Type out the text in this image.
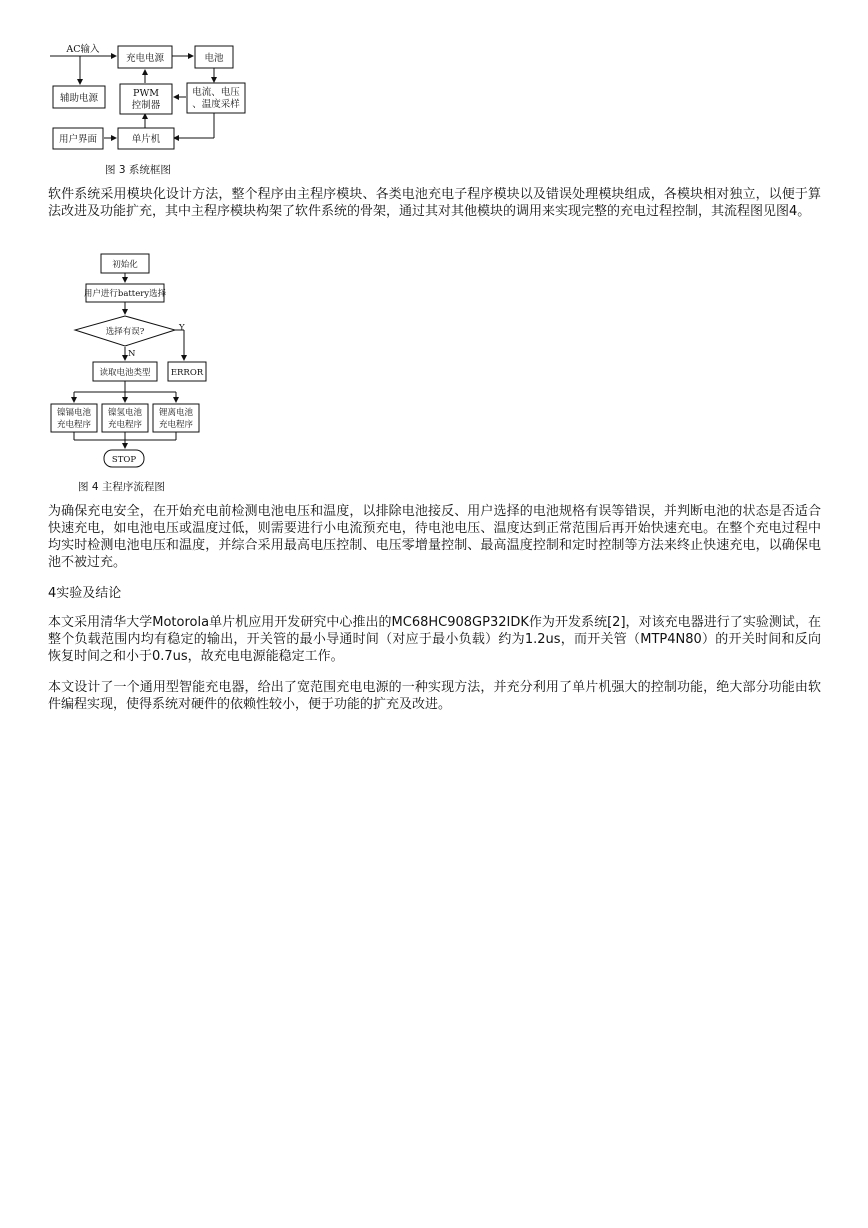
AC输入
充电电源	电池
辅助电源	PWM
控制器
电流、电压
、温度采样
用户界面	单片机
图 3 系统框图

软件系统采用模块化设计方法，整个程序由主程序模块、各类电池充电子程序模块以及错误处理模块组成，各模块相对独立，以便于算法改进及功能扩充，其中主程序模块构架了软件系统的骨架，通过其对其他模块的调用来实现完整的充电过程控制，其流程图见图4。

初始化
用户进行battery选择
选择有误?	Y
N
读取电池类型 ERROR
镍镉电池
充电程序
镍氢电池
充电程序
锂离电池
充电程序
STOP
图 4 主程序流程图

为确保充电安全，在开始充电前检测电池电压和温度，以排除电池接反、用户选择的电池规格有误等错误，并判断电池的状态是否适合快速充电，如电池电压或温度过低，则需要进行小电流预充电，待电池电压、温度达到正常范围后再开始快速充电。在整个充电过程中均实时检测电池电压和温度，并综合采用最高电压控制、电压零增量控制、最高温度控制和定时控制等方法来终止快速充电，以确保电池不被过充。

4实验及结论

本文采用清华大学Motorola单片机应用开发研究中心推出的MC68HC908GP32IDK作为开发系统[2]，对该充电器进行了实验测试，在整个负载范围内均有稳定的输出，开关管的最小导通时间（对应于最小负载）约为1.2us，而开关管（MTP4N80）的开关时间和反向恢复时间之和小于0.7us，故充电电源能稳定工作。

本文设计了一个通用型智能充电器，给出了宽范围充电电源的一种实现方法，并充分利用了单片机强大的控制功能，绝大部分功能由软件编程实现，使得系统对硬件的依赖性较小，便于功能的扩充及改进。
